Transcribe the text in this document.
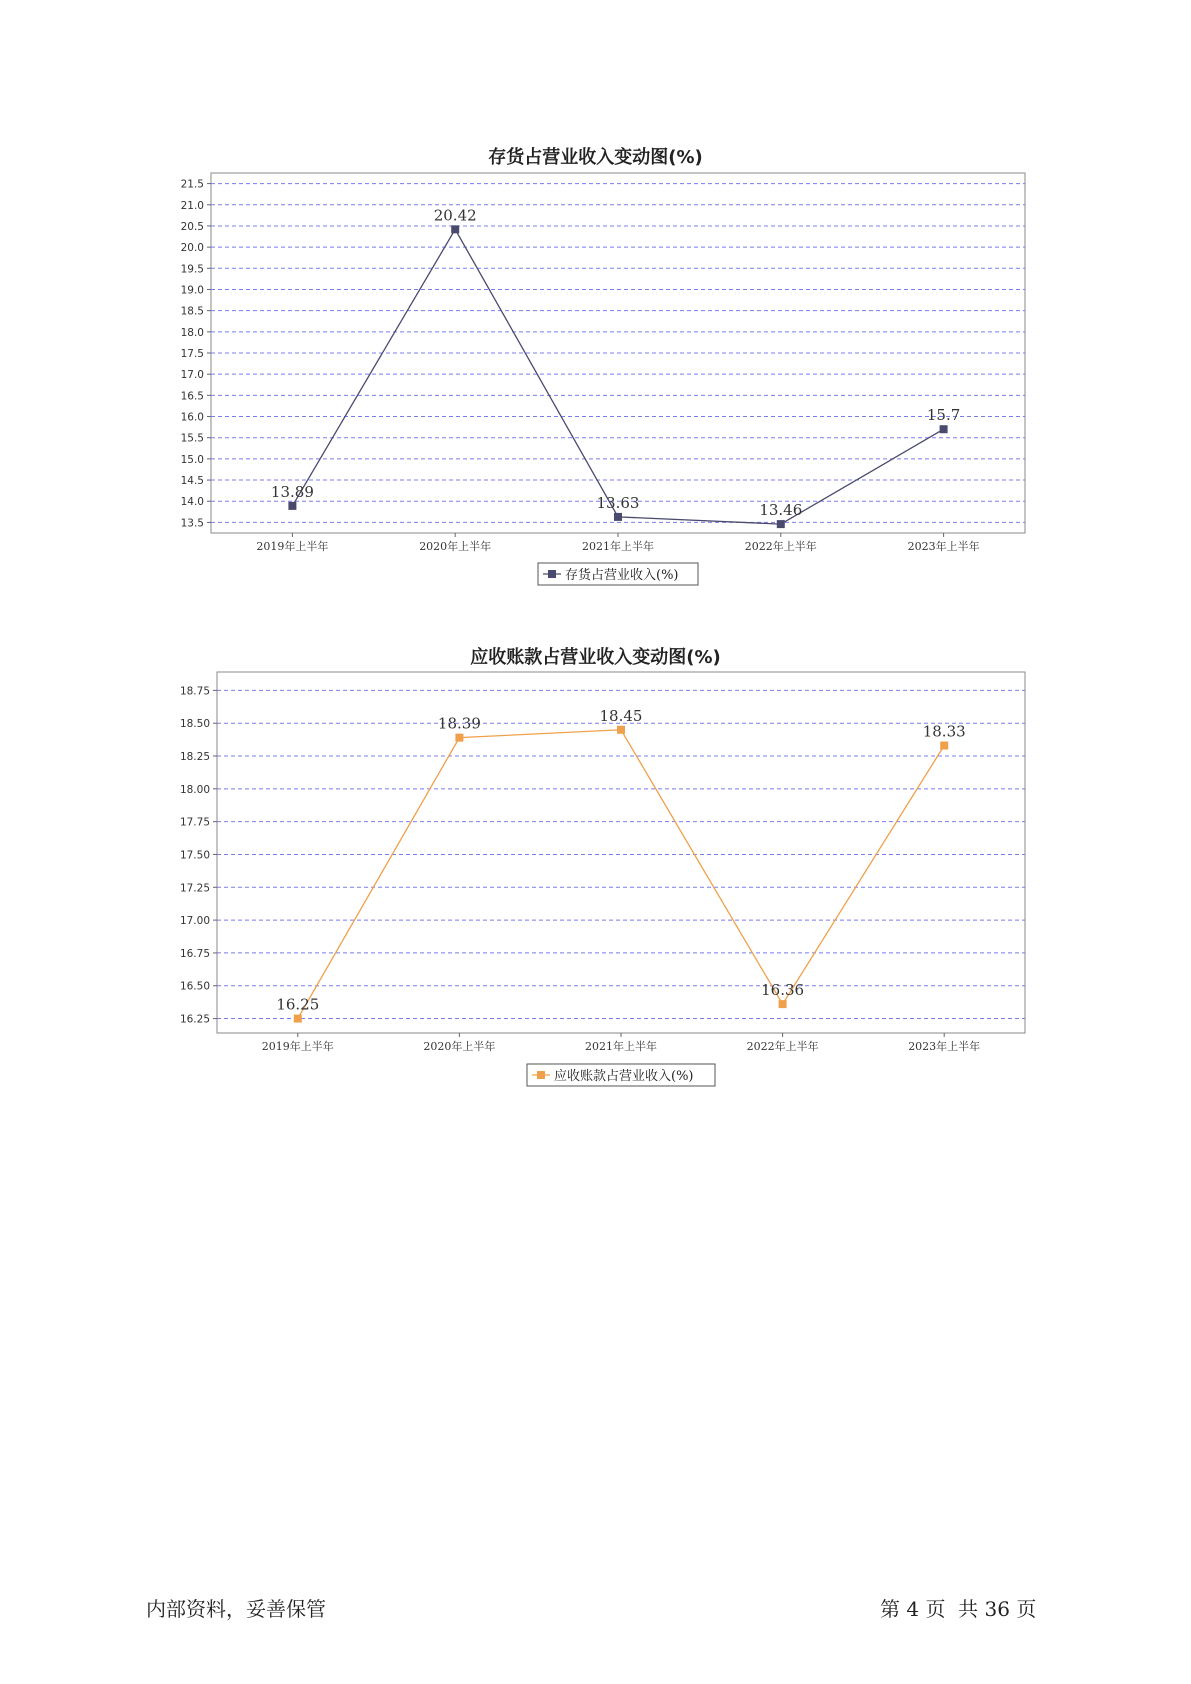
存货占营业收入变动图(%)
13.5
14.0
14.5
15.0
15.5
16.0
16.5
17.0
17.5
18.0
18.5
19.0
19.5
20.0
20.5
21.0
21.5
2019年上半年	2020年上半年	2021年上半年	2022年上半年	2023年上半年
13.89
20.42
13.63	13.46
15.7
存货占营业收入(%)
应收账款占营业收入变动图(%)
16.25
16.50
16.75
17.00
17.25
17.50
17.75
18.00
18.25
18.50
18.75
2019年上半年	2020年上半年	2021年上半年	2022年上半年	2023年上半年
16.25
18.39	18.45
16.36
18.33
应收账款占营业收入(%)
内部资料，妥善保管	第 4 页  共 36 页
